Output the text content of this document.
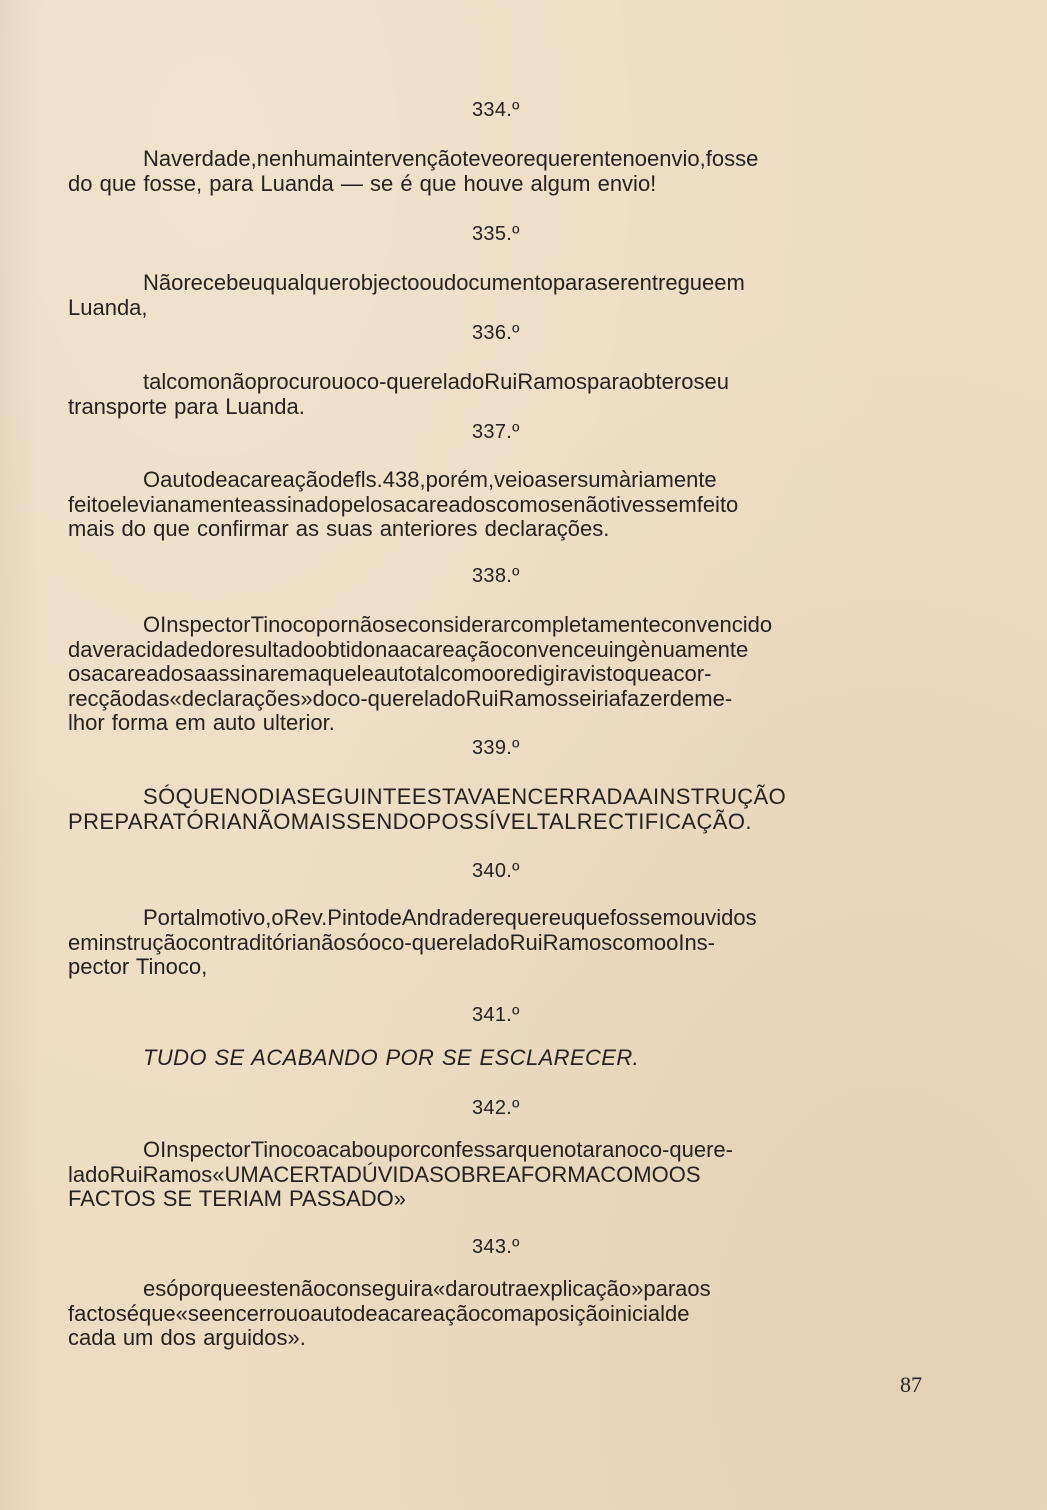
334.º
Naverdade,nenhumaintervençãoteveorequerentenoenvio,fosse
do que fosse, para Luanda — se é que houve algum envio!
335.º
Nãorecebeuqualquerobjectooudocumentoparaserentregueem
Luanda,
336.º
talcomonãoprocurouoco-quereladoRuiRamosparaobteroseu
transporte para Luanda.
337.º
Oautodeacareaçãodefls.438,porém,veioasersumàriamente
feitoelevianamenteassinadopelosacareadoscomosenãotivessemfeito
mais do que confirmar as suas anteriores declarações.
338.º
OInspectorTinocopornãoseconsiderarcompletamenteconvencido
daveracidadedoresultadoobtidonaacareaçãoconvenceuingènuamente
osacareadosaassinaremaqueleautotalcomooredigiravistoqueacor-
recçãodas«declarações»doco-quereladoRuiRamosseiriafazerdeme-
lhor forma em auto ulterior.
339.º
SÓQUENODIASEGUINTEESTAVAENCERRADAAINSTRUÇÃO
PREPARATÓRIANÃOMAISSENDOPOSSÍVELTALRECTIFICAÇÃO.
340.º
Portalmotivo,oRev.PintodeAndraderequereuquefossemouvidos
eminstruçãocontraditórianãosóoco-quereladoRuiRamoscomooIns-
pector Tinoco,
341.º
TUDO SE ACABANDO POR SE ESCLARECER.
342.º
OInspectorTinocoacabouporconfessarquenotaranoco-quere-
ladoRuiRamos«UMACERTADÚVIDASOBREAFORMACOMOOS
FACTOS SE TERIAM PASSADO»
343.º
esóporqueestenãoconseguira«daroutraexplicação»paraos
factoséque«seencerrouoautodeacareaçãocomaposiçãoinicialde
cada um dos arguidos».
87
